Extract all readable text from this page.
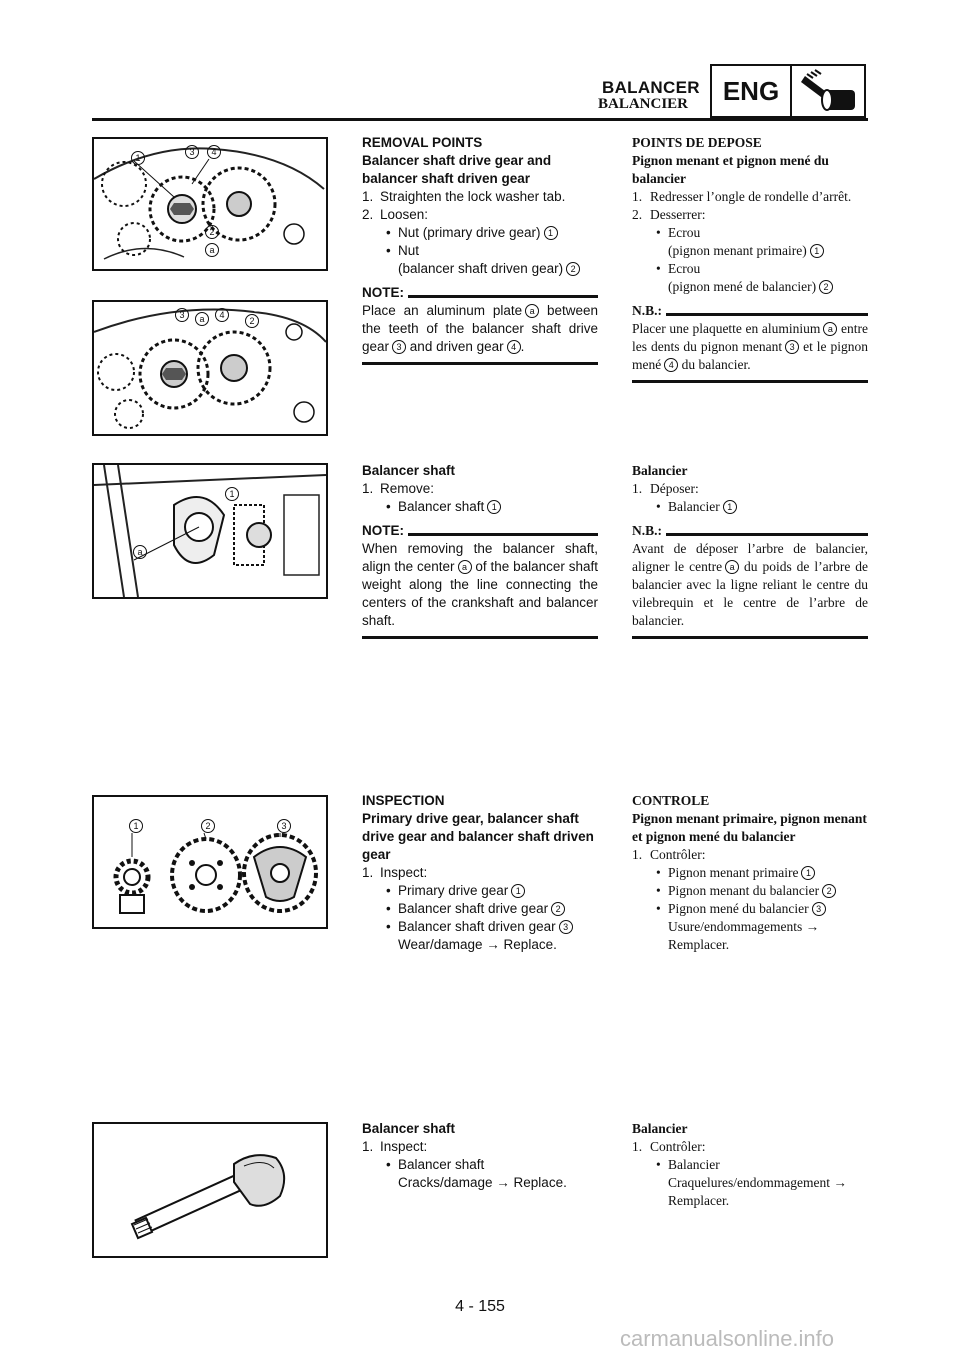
BALANCER
BALANCIER	ENG
1
3	4
2
a
3	a	4
2
1
a
1	2	3
REMOVAL POINTS
Balancer shaft drive gear and balancer shaft driven gear
1. Straighten the lock washer tab.
2. Loosen:
• Nut (primary drive gear) 1
• Nut
(balancer shaft driven gear) 2
NOTE:
Place an aluminum plate a between the teeth of the balancer shaft drive gear 3 and driven gear 4 .
POINTS DE DEPOSE
Pignon menant et pignon mené du balancier
1. Redresser l’ongle de rondelle d’arrêt.
2. Desserrer:
• Ecrou
(pignon menant primaire) 1
• Ecrou
(pignon mené de balancier) 2
N.B.:
Placer une plaquette en aluminium a entre les dents du pignon menant 3 et le pignon mené 4 du balancier.
Balancer shaft
1. Remove:
• Balancer shaft 1
NOTE:
When removing the balancer shaft, align the center a of the balancer shaft weight along the line connecting the centers of the crankshaft and balancer shaft.
Balancier
1. Déposer:
• Balancier 1
N.B.:
Avant de déposer l’arbre de balancier, aligner le centre a du poids de l’arbre de balancier avec la ligne reliant le centre du vilebrequin et le centre de l’arbre de balancier.
INSPECTION
Primary drive gear, balancer shaft drive gear and balancer shaft driven gear
1. Inspect:
• Primary drive gear 1
• Balancer shaft drive gear 2
• Balancer shaft driven gear 3
Wear/damage → Replace.
CONTROLE
Pignon menant primaire, pignon menant et pignon mené du balancier
1. Contrôler:
• Pignon menant primaire 1
• Pignon menant du balancier 2
• Pignon mené du balancier 3
Usure/endommagements →
Remplacer.
Balancer shaft
1. Inspect:
• Balancer shaft
Cracks/damage → Replace.
Balancier
1. Contrôler:
• Balancier
Craquelures/endommagement →
Remplacer.
4 - 155
carmanualsonline.info
